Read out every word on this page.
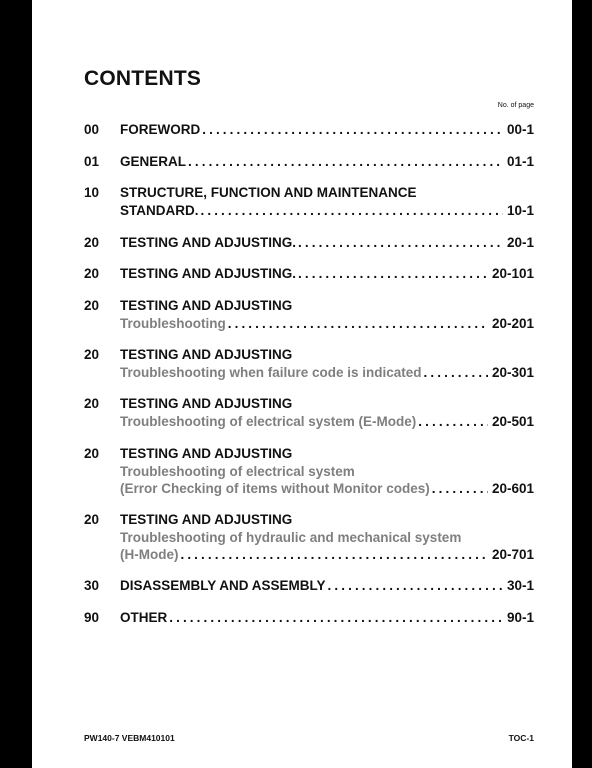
CONTENTS
No. of page
00 FOREWORD .....	00-1
01 GENERAL .....	01-1
10 STRUCTURE, FUNCTION AND MAINTENANCE
STANDARD. .....	10-1
20 TESTING AND ADJUSTING. .....	20-1
20 TESTING AND ADJUSTING. .....	20-101
20 TESTING AND ADJUSTING
Troubleshooting .....	20-201
20 TESTING AND ADJUSTING
Troubleshooting when failure code is indicated .....	20-301
20 TESTING AND ADJUSTING
Troubleshooting of electrical system (E-Mode) .....	20-501
20 TESTING AND ADJUSTING
Troubleshooting of electrical system
(Error Checking of items without Monitor codes) .....	20-601
20 TESTING AND ADJUSTING
Troubleshooting of hydraulic and mechanical system
(H-Mode) .....	20-701
30 DISASSEMBLY AND ASSEMBLY .....	30-1
90 OTHER .....	90-1
PW140-7 VEBM410101	TOC-1
